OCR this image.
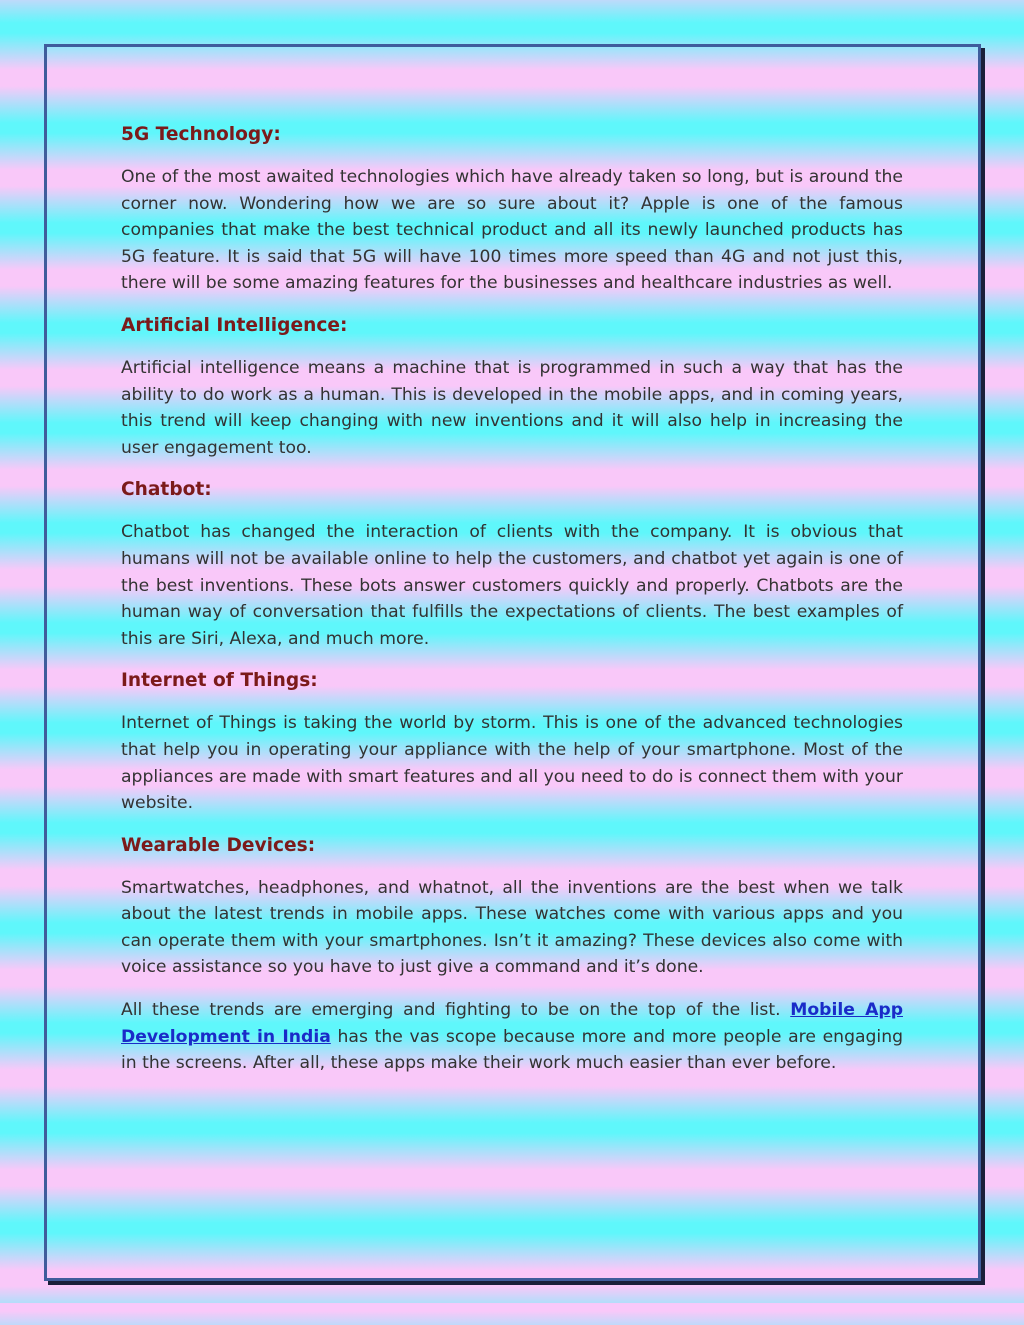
5G Technology:
One of the most awaited technologies which have already taken so long, but is around the corner now. Wondering how we are so sure about it? Apple is one of the famous companies that make the best technical product and all its newly launched products has 5G feature. It is said that 5G will have 100 times more speed than 4G and not just this, there will be some amazing features for the businesses and healthcare industries as well.
Artificial Intelligence:
Artificial intelligence means a machine that is programmed in such a way that has the ability to do work as a human. This is developed in the mobile apps, and in coming years, this trend will keep changing with new inventions and it will also help in increasing the user engagement too.
Chatbot:
Chatbot has changed the interaction of clients with the company. It is obvious that humans will not be available online to help the customers, and chatbot yet again is one of the best inventions. These bots answer customers quickly and properly. Chatbots are the human way of conversation that fulfills the expectations of clients. The best examples of this are Siri, Alexa, and much more.
Internet of Things:
Internet of Things is taking the world by storm. This is one of the advanced technologies that help you in operating your appliance with the help of your smartphone. Most of the appliances are made with smart features and all you need to do is connect them with your website.
Wearable Devices:
Smartwatches, headphones, and whatnot, all the inventions are the best when we talk about the latest trends in mobile apps. These watches come with various apps and you can operate them with your smartphones. Isn’t it amazing? These devices also come with voice assistance so you have to just give a command and it’s done.
All these trends are emerging and fighting to be on the top of the list. Mobile App Development in India has the vas scope because more and more people are engaging in the screens. After all, these apps make their work much easier than ever before.
